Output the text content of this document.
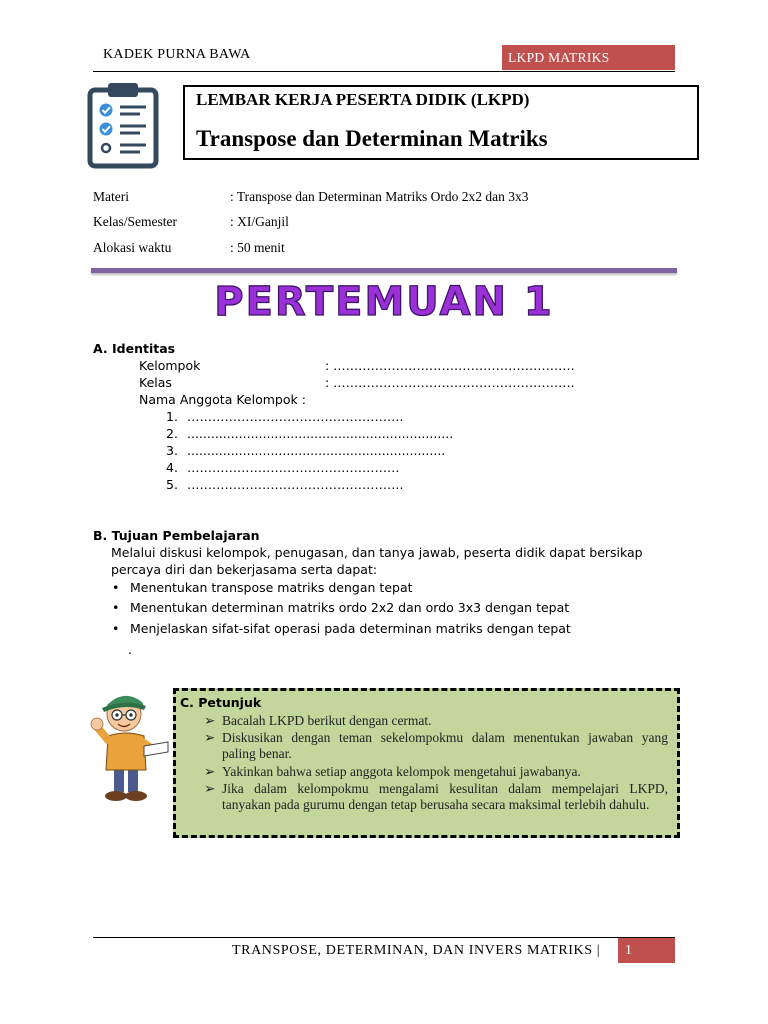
KADEK PURNA BAWA	LKPD MATRIKS
LEMBAR KERJA PESERTA DIDIK (LKPD)
Transpose dan Determinan Matriks
Materi	: Transpose dan Determinan Matriks Ordo 2x2 dan 3x3
Kelas/Semester	: XI/Ganjil
Alokasi waktu	: 50 menit
PERTEMUAN 1
A. Identitas
Kelompok	: ………………………………………………….
Kelas	: ………………………………………………….
Nama Anggota Kelompok :
1. …………………………………………….
2. ...................................................................
3. .................................................................
4. ……………………………………………
5. …………………………………………….
B. Tujuan Pembelajaran
Melalui diskusi kelompok, penugasan, dan tanya jawab, peserta didik dapat bersikap
percaya diri dan bekerjasama serta dapat:
• Menentukan transpose matriks dengan tepat
• Menentukan determinan matriks ordo 2x2 dan ordo 3x3 dengan tepat
• Menjelaskan sifat-sifat operasi pada determinan matriks dengan tepat
.
C. Petunjuk
➢ Bacalah LKPD berikut dengan cermat.
➢ Diskusikan dengan teman sekelompokmu dalam menentukan jawaban yang paling benar.
➢ Yakinkan bahwa setiap anggota kelompok mengetahui jawabanya.
➢ Jika dalam kelompokmu mengalami kesulitan dalam mempelajari LKPD, tanyakan pada gurumu dengan tetap berusaha secara maksimal terlebih dahulu.
TRANSPOSE, DETERMINAN, DAN INVERS MATRIKS |	1
